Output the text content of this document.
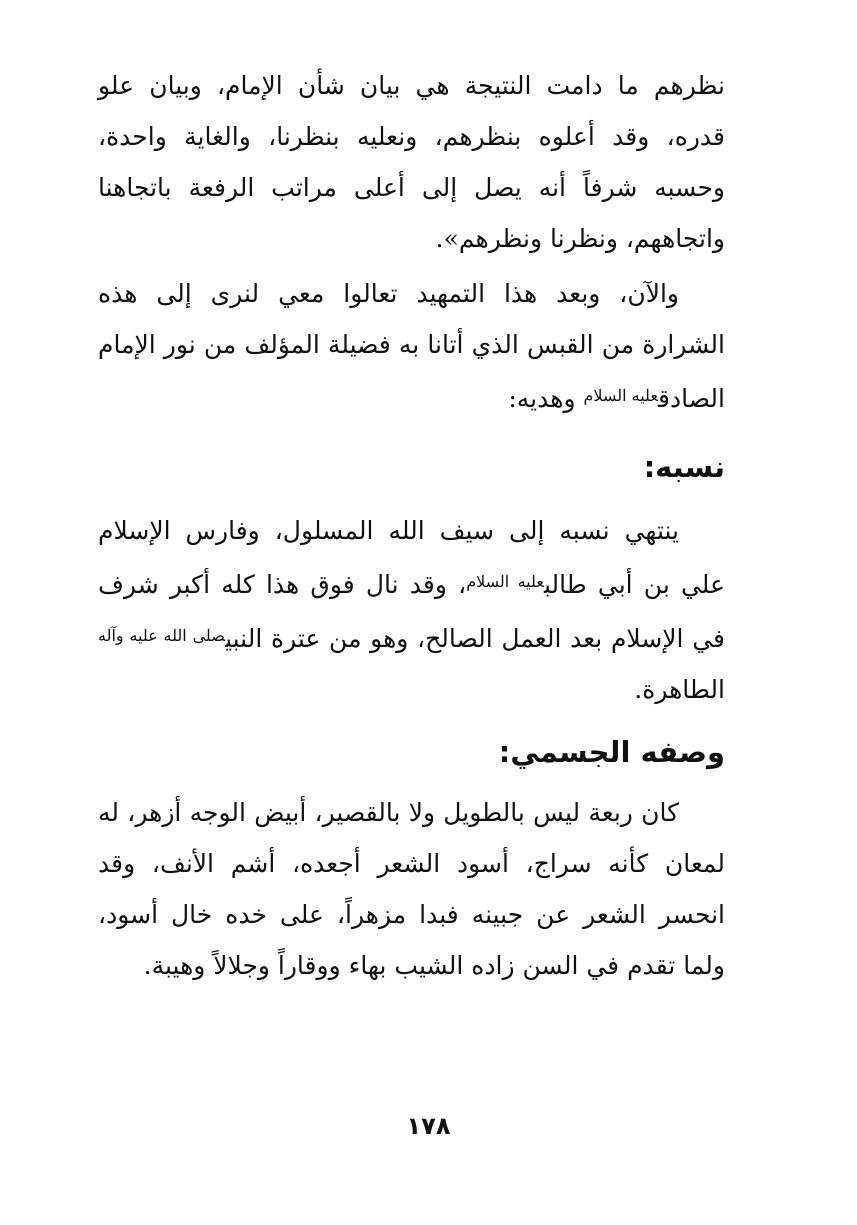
نظرهم ما دامت النتيجة هي بيان شأن الإمام، وبيان علو قدره، وقد أعلوه بنظرهم، ونعليه بنظرنا، والغاية واحدة، وحسبه شرفاً أنه يصل إلى أعلى مراتب الرفعة باتجاهنا واتجاههم، ونظرنا ونظرهم».

والآن، وبعد هذا التمهيد تعالوا معي لنرى إلى هذه الشرارة من القبس الذي أتانا به فضيلة المؤلف من نور الإمام الصادق$^{عليه السلام}$ وهديه:

نسبه:

ينتهي نسبه إلى سيف الله المسلول، وفارس الإسلام علي بن أبي طالب$^{عليه السلام}$، وقد نال فوق هذا كله أكبر شرف في الإسلام بعد العمل الصالح، وهو من عترة النبي$^{صلى الله عليه وآله}$ الطاهرة.

وصفه الجسمي:

كان ربعة ليس بالطويل ولا بالقصير، أبيض الوجه أزهر، له لمعان كأنه سراج، أسود الشعر أجعده، أشم الأنف، وقد انحسر الشعر عن جبينه فبدا مزهراً، على خده خال أسود، ولما تقدم في السن زاده الشيب بهاء ووقاراً وجلالاً وهيبة.

١٧٨
